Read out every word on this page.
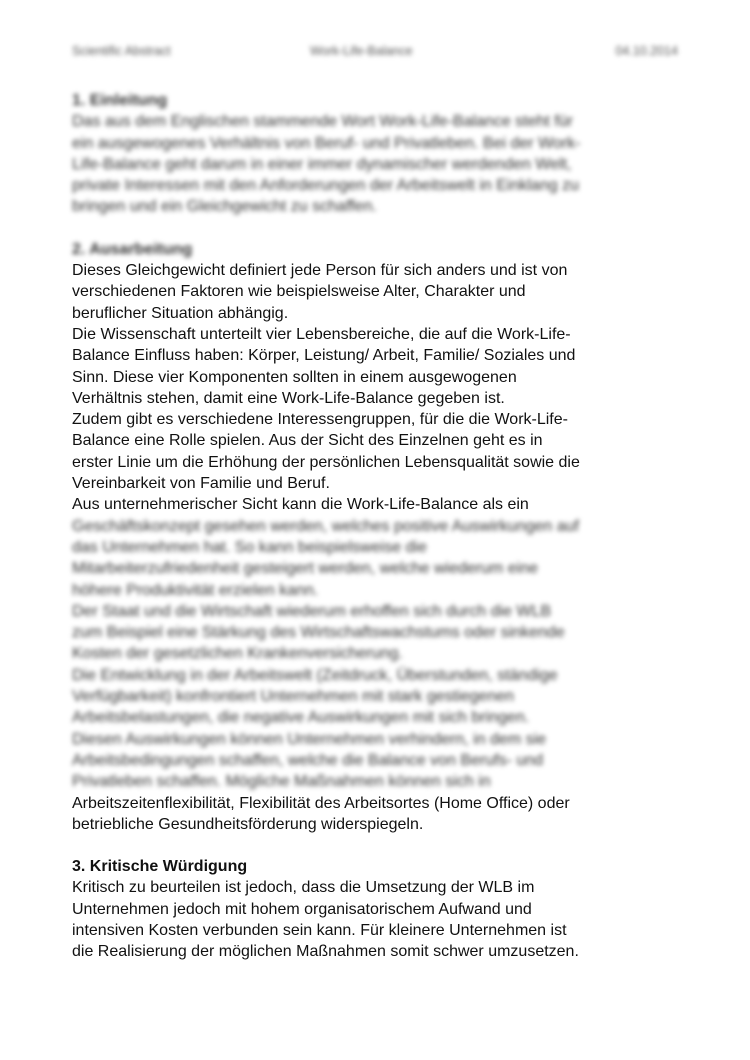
Scientific Abstract	Work-Life-Balance	04.10.2014

1. Einleitung

Das aus dem Englischen stammende Wort Work-Life-Balance steht für

ein ausgewogenes Verhältnis von Beruf- und Privatleben. Bei der Work-

Life-Balance geht darum in einer immer dynamischer werdenden Welt,

private Interessen mit den Anforderungen der Arbeitswelt in Einklang zu

bringen und ein Gleichgewicht zu schaffen.

2. Ausarbeitung

Dieses Gleichgewicht definiert jede Person für sich anders und ist von

verschiedenen Faktoren wie beispielsweise Alter, Charakter und

beruflicher Situation abhängig.

Die Wissenschaft unterteilt vier Lebensbereiche, die auf die Work-Life-

Balance Einfluss haben: Körper, Leistung/ Arbeit, Familie/ Soziales und

Sinn. Diese vier Komponenten sollten in einem ausgewogenen

Verhältnis stehen, damit eine Work-Life-Balance gegeben ist.

Zudem gibt es verschiedene Interessengruppen, für die die Work-Life-

Balance eine Rolle spielen. Aus der Sicht des Einzelnen geht es in

erster Linie um die Erhöhung der persönlichen Lebensqualität sowie die

Vereinbarkeit von Familie und Beruf.

Aus unternehmerischer Sicht kann die Work-Life-Balance als ein

Geschäftskonzept gesehen werden, welches positive Auswirkungen auf

das Unternehmen hat. So kann beispielsweise die

Mitarbeiterzufriedenheit gesteigert werden, welche wiederum eine

höhere Produktivität erzielen kann.

Der Staat und die Wirtschaft wiederum erhoffen sich durch die WLB

zum Beispiel eine Stärkung des Wirtschaftswachstums oder sinkende

Kosten der gesetzlichen Krankenversicherung.

Die Entwicklung in der Arbeitswelt (Zeitdruck, Überstunden, ständige

Verfügbarkeit) konfrontiert Unternehmen mit stark gestiegenen

Arbeitsbelastungen, die negative Auswirkungen mit sich bringen.

Diesen Auswirkungen können Unternehmen verhindern, in dem sie

Arbeitsbedingungen schaffen, welche die Balance von Berufs- und

Privatleben schaffen. Mögliche Maßnahmen können sich in

Arbeitszeitenflexibilität, Flexibilität des Arbeitsortes (Home Office) oder

betriebliche Gesundheitsförderung widerspiegeln.

3. Kritische Würdigung

Kritisch zu beurteilen ist jedoch, dass die Umsetzung der WLB im

Unternehmen jedoch mit hohem organisatorischem Aufwand und

intensiven Kosten verbunden sein kann. Für kleinere Unternehmen ist

die Realisierung der möglichen Maßnahmen somit schwer umzusetzen.
